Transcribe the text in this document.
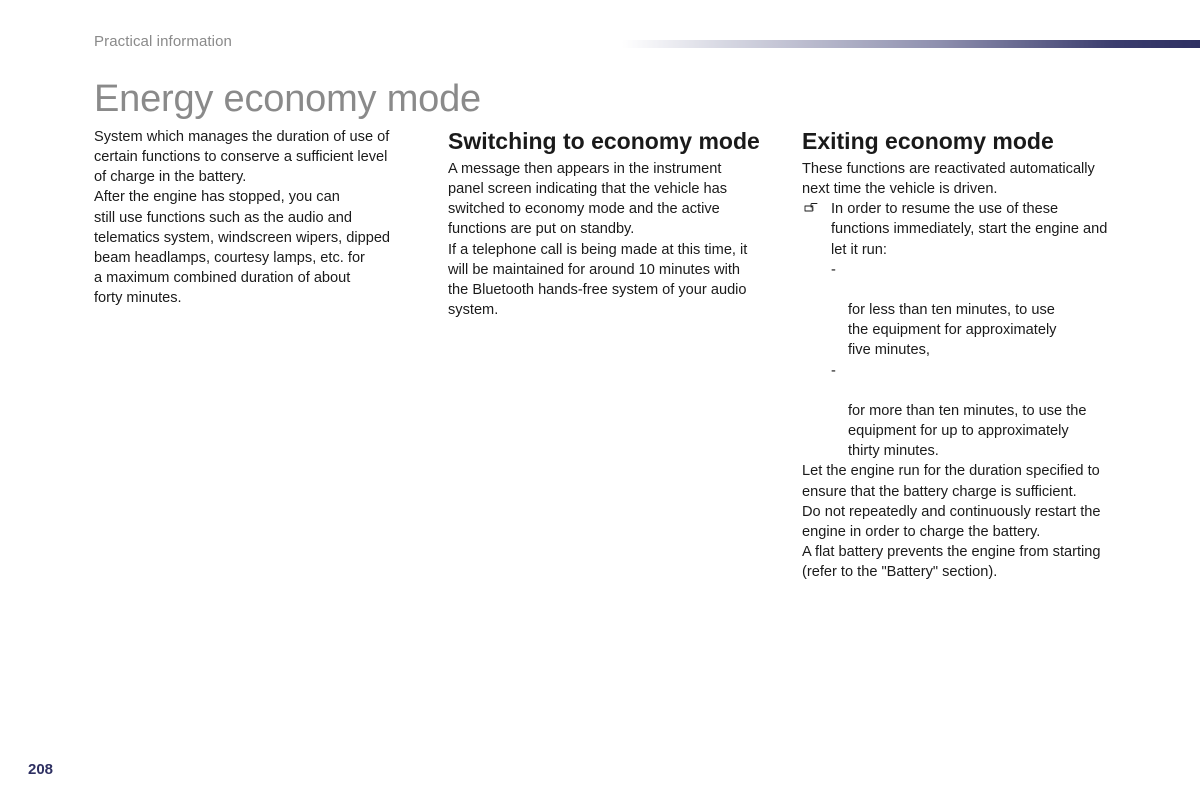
Practical information
Energy economy mode

System which manages the duration of use of
certain functions to conserve a sufficient level
of charge in the battery.

After the engine has stopped, you can
still use functions such as the audio and
telematics system, windscreen wipers, dipped
beam headlamps, courtesy lamps, etc. for
a maximum combined duration of about
forty minutes.

Switching to economy mode

A message then appears in the instrument
panel screen indicating that the vehicle has
switched to economy mode and the active
functions are put on standby.

If a telephone call is being made at this time, it
will be maintained for around 10 minutes with
the Bluetooth hands-free system of your audio
system.

Exiting economy mode

These functions are reactivated automatically
next time the vehicle is driven.

In order to resume the use of these
functions immediately, start the engine and
let it run:

-

for less than ten minutes, to use
the equipment for approximately
five minutes,

-

for more than ten minutes, to use the
equipment for up to approximately
thirty minutes.

Let the engine run for the duration specified to
ensure that the battery charge is sufficient.

Do not repeatedly and continuously restart the
engine in order to charge the battery.

A flat battery prevents the engine from starting
(refer to the "Battery" section).

208
